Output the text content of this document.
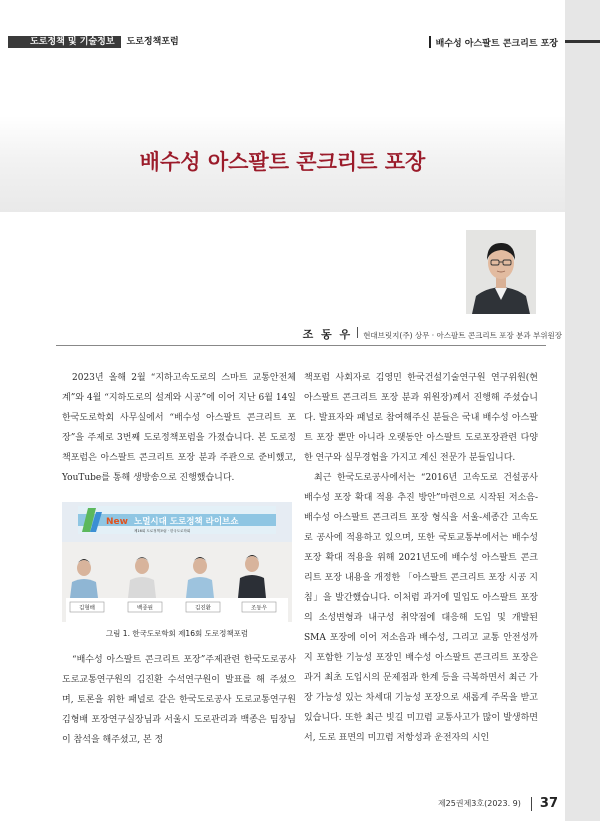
도로정책 및 기술정보	도로정책포럼	배수성 아스팔트 콘크리트 포장
배수성 아스팔트 콘크리트 포장
조 동 우 현대브릿지(주) 상무 · 아스팔트 콘크리트 포장 분과 부위원장

2023년 올해 2월 “지하고속도로의 스마트 교통안전체계”와 4월 “지하도로의 설계와 시공”에 이어 지난 6월 14일 한국도로학회 사무실에서 “배수성 아스팔트 콘크리트 포장”을 주제로 3번째 도로정책포럼을 가졌습니다. 본 도로정책포럼은 아스팔트 콘크리트 포장 분과 주관으로 준비했고, YouTube를 통해 생방송으로 진행했습니다.

New 노멀시대 도로정책 라이브쇼
제16회 도로정책포럼 · 한국도로학회
김형배	백종원	김진환	조동우
그림 1. 한국도로학회 제16회 도로정책포럼

“배수성 아스팔트 콘크리트 포장”주제관련 한국도로공사 도로교통연구원의 김진환 수석연구원이 발표를 해 주셨으며, 토론을 위한 패널로 같은 한국도로공사 도로교통연구원 김형배 포장연구실장님과 서울시 도로관리과 백종은 팀장님이 참석을 해주셨고, 본 정

책포럼 사회자로 김영민 한국건설기술연구원 연구위원(현 아스팔트 콘크리트 포장 분과 위원장)께서 진행해 주셨습니다. 발표자와 패널로 참여해주신 분들은 국내 배수성 아스팔트 포장 뿐만 아니라 오랫동안 아스팔트 도로포장관련 다양한 연구와 실무경험을 가지고 계신 전문가 분들입니다.

최근 한국도로공사에서는 “2016년 고속도로 건설공사 배수성 포장 확대 적용 추진 방안”마련으로 시작된 저소음-배수성 아스팔트 콘크리트 포장 형식을 서울-세종간 고속도로 공사에 적용하고 있으며, 또한 국토교통부에서는 배수성 포장 확대 적용을 위해 2021년도에 배수성 아스팔트 콘크리트 포장 내용을 개정한 「아스팔트 콘크리트 포장 시공 지침」을 발간했습니다. 이처럼 과거에 밀입도 아스팔트 포장의 소성변형과 내구성 취약점에 대응해 도입 및 개발된 SMA 포장에 이어 저소음과 배수성, 그리고 교통 안전성까지 포함한 기능성 포장인 배수성 아스팔트 콘크리트 포장은 과거 최초 도입시의 문제점과 한계 등을 극복하면서 최근 가장 가능성 있는 차세대 기능성 포장으로 새롭게 주목을 받고 있습니다. 또한 최근 빗길 미끄럼 교통사고가 많이 발생하면서, 도로 표면의 미끄럼 저항성과 운전자의 시인

제25권제3호(2023. 9) 37
